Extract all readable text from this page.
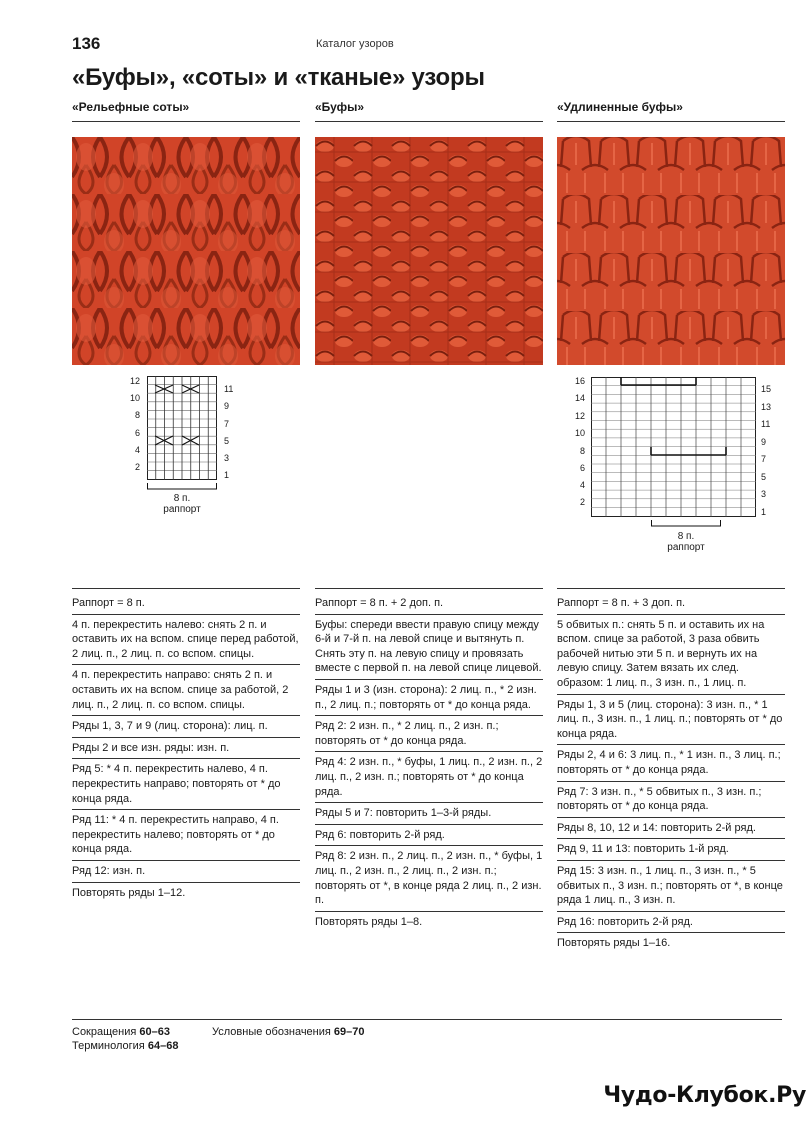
136	Каталог узоров
«Буфы», «соты» и «тканые» узоры
«Рельефные соты»	«Буфы»	«Удлиненные буфы»
12
10
8
6
4
2
11
9
7
5
3
1
8 п.
раппорт
16
14
12
10
8
6
4
2
15
13
11
9
7
5
3
1
8 п.
раппорт

Раппорт = 8 п.

4 п. перекрестить налево: снять 2 п. и оставить их на вспом. спице перед работой, 2 лиц. п., 2 лиц. п. со вспом. спицы.

4 п. перекрестить направо: снять 2 п. и оставить их на вспом. спице за работой, 2 лиц. п., 2 лиц. п. со вспом. спицы.

Ряды 1, 3, 7 и 9 (лиц. сторона): лиц. п.

Ряды 2 и все изн. ряды: изн. п.

Ряд 5: * 4 п. перекрестить налево, 4 п. перекрестить направо; повторять от * до конца ряда.

Ряд 11: * 4 п. перекрестить направо, 4 п. перекрестить налево; повторять от * до конца ряда.

Ряд 12: изн. п.

Повторять ряды 1–12.

Раппорт = 8 п. + 2 доп. п.

Буфы: спереди ввести правую спицу между 6-й и 7-й п. на левой спице и вытянуть п. Снять эту п. на левую спицу и провязать вместе с первой п. на левой спице лицевой.

Ряды 1 и 3 (изн. сторона): 2 лиц. п., * 2 изн. п., 2 лиц. п.; повторять от * до конца ряда.

Ряд 2: 2 изн. п., * 2 лиц. п., 2 изн. п.; повторять от * до конца ряда.

Ряд 4: 2 изн. п., * буфы, 1 лиц. п., 2 изн. п., 2 лиц. п., 2 изн. п.; повторять от * до конца ряда.

Ряды 5 и 7: повторить 1–3-й ряды.

Ряд 6: повторить 2-й ряд.

Ряд 8: 2 изн. п., 2 лиц. п., 2 изн. п., * буфы, 1 лиц. п., 2 изн. п., 2 лиц. п., 2 изн. п.; повторять от *, в конце ряда 2 лиц. п., 2 изн. п.

Повторять ряды 1–8.

Раппорт = 8 п. + 3 доп. п.

5 обвитых п.: снять 5 п. и оставить их на вспом. спице за работой, 3 раза обвить рабочей нитью эти 5 п. и вернуть их на левую спицу. Затем вязать их след. образом: 1 лиц. п., 3 изн. п., 1 лиц. п.

Ряды 1, 3 и 5 (лиц. сторона): 3 изн. п., * 1 лиц. п., 3 изн. п., 1 лиц. п.; повторять от * до конца ряда.

Ряды 2, 4 и 6: 3 лиц. п., * 1 изн. п., 3 лиц. п.; повторять от * до конца ряда.

Ряд 7: 3 изн. п., * 5 обвитых п., 3 изн. п.; повторять от * до конца ряда.

Ряды 8, 10, 12 и 14: повторить 2-й ряд.

Ряд 9, 11 и 13: повторить 1-й ряд.

Ряд 15: 3 изн. п., 1 лиц. п., 3 изн. п., * 5 обвитых п., 3 изн. п.; повторять от *, в конце ряда 1 лиц. п., 3 изн. п.

Ряд 16: повторить 2-й ряд.

Повторять ряды 1–16.

Сокращения 60–63
Терминология 64–68
Условные обозначения 69–70
Чудо-Клубок.Ру
